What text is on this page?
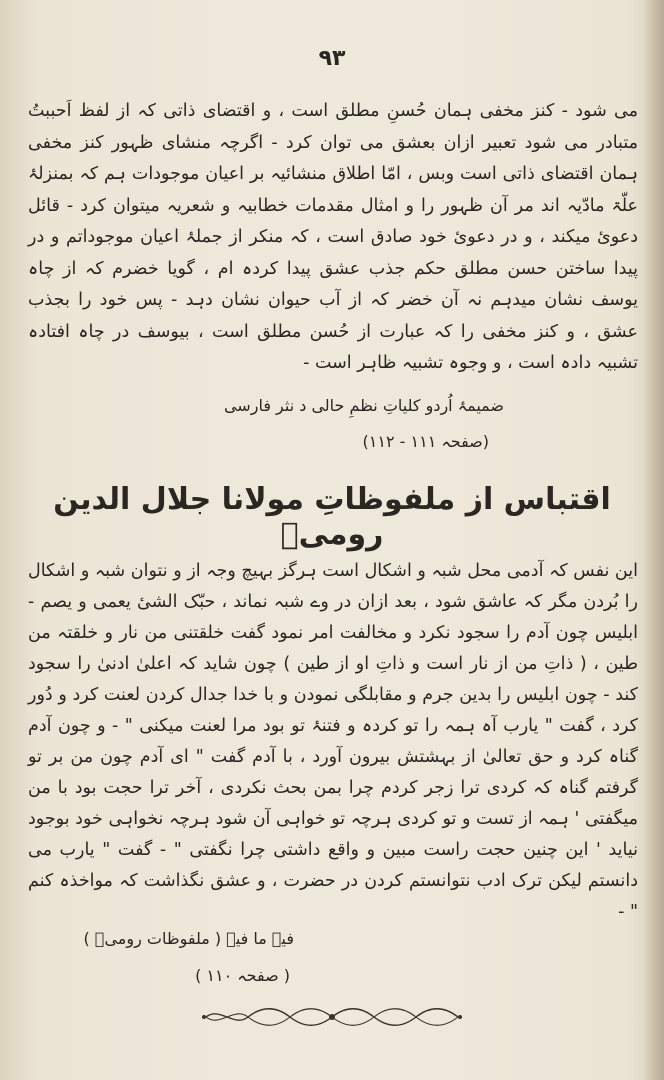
۹۳

می شود - کنز مخفی ہمان حُسنِ مطلق است ، و اقتضای ذاتی کہ از لفظ اَحببتُ متبادر می شود تعبیر ازان بعشق می توان کرد - اگرچہ منشای ظہور کنز مخفی ہمان اقتضای ذاتی است وبس ، امّا اطلاق منشائیہ بر اعیان موجودات ہم کہ بمنزلۂ علّۃ مادّیہ اند مر آن ظہور را و امثال مقدمات خطابیہ و شعریہ میتوان کرد - قائل دعوئ میکند ، و در دعوئ خود صادق است ، کہ منکر از جملۂ اعیان موجوداتم و در پیدا ساختن حسن مطلق حکم جذب عشق پیدا کردہ ام ، گویا خضرم کہ از چاہ یوسف نشان میدہم نہ آن خضر کہ از آب حیوان نشان دہد - پس خود را بجذب عشق ، و کنز مخفی را کہ عبارت از حُسن مطلق است ، بیوسف در چاہ افتادہ تشبیہ دادہ است ، و وجوہ تشبیہ ظاہر است -

ضمیمۂ اُردو کلیاتِ نظمِ حالی د نثر فارسی
(صفحہ ۱۱۱ - ۱۱۲)
اقتباس از ملفوظاتِ مولانا جلال الدین رومیؒ

این نفس کہ آدمی محل شبہ و اشکال است ہرگز بہیچ وجہ از و نتوان شبہ و اشکال را بُردن مگر کہ عاشق شود ، بعد ازان در وے شبہ نماند ، حبّک الشیٔ یعمی و یصم - ابلیس چون آدم را سجود نکرد و مخالفت امر نمود گفت خلقتنی من نار و خلقتہ من طین ، ( ذاتِ من از نار است و ذاتِ او از طین ) چون شاید کہ اعلیٰ ادنیٰ را سجود کند - چون ابلیس را بدین جرم و مقابلگی نمودن و با خدا جدال کردن لعنت کرد و دُور کرد ، گفت " یارب آہ ہمہ را تو کردہ و فتنۂ تو بود مرا لعنت میکنی " - و چون آدم گناہ کرد و حق تعالیٰ از بہشتش بیرون آورد ، با آدم گفت " ای آدم چون من بر تو گرفتم گناہ کہ کردی ترا زجر کردم چرا بمن بحث نکردی ، آخر ترا حجت بود با من میگفتی ' ہمہ از تست و تو کردی ہرچہ تو خواہی آن شود ہرچہ نخواہی خود بوجود نیاید ' این چنین حجت راست مبین و واقع داشتی چرا نگفتی " - گفت " یارب می دانستم لیکن ترک ادب نتوانستم کردن در حضرت ، و عشق نگذاشت کہ مواخذہ کنم " -

فیہ ما فیہ ( ملفوظات رومیؒ )
( صفحہ ۱۱۰ )
